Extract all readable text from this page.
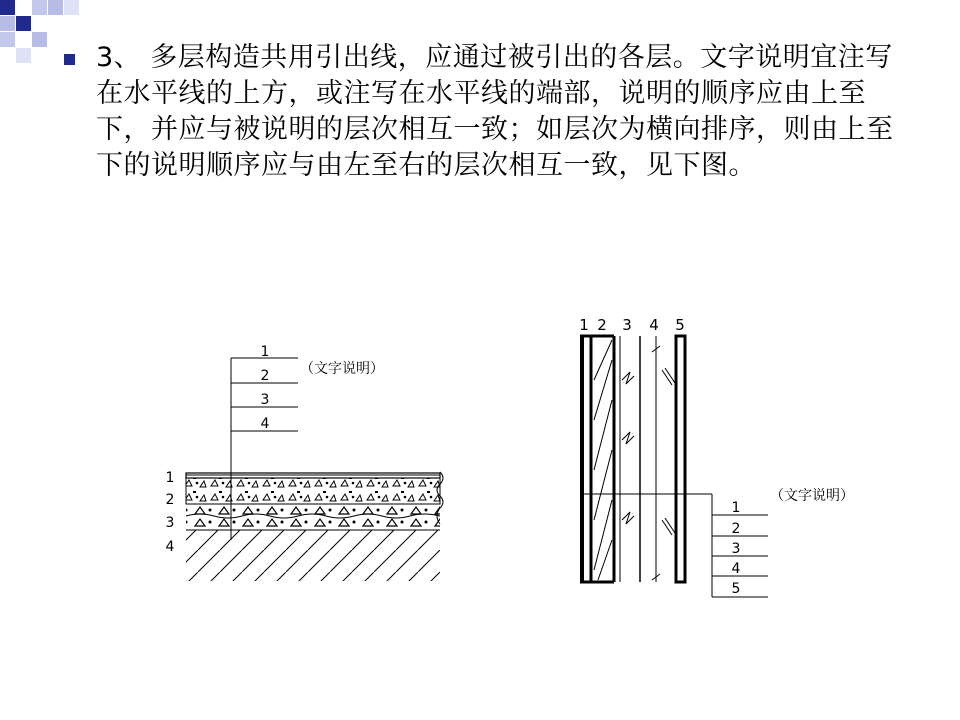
3、 多层构造共用引出线，应通过被引出的各层。文字说明宜注写在水平线的上方，或注写在水平线的端部，说明的顺序应由上至下，并应与被说明的层次相互一致；如层次为横向排序，则由上至下的说明顺序应与由左至右的层次相互一致，见下图。
1
2
3
4
（文字说明）
1
2
3
4
1 2 3 4 5
1
2
3
4
5
（文字说明）
